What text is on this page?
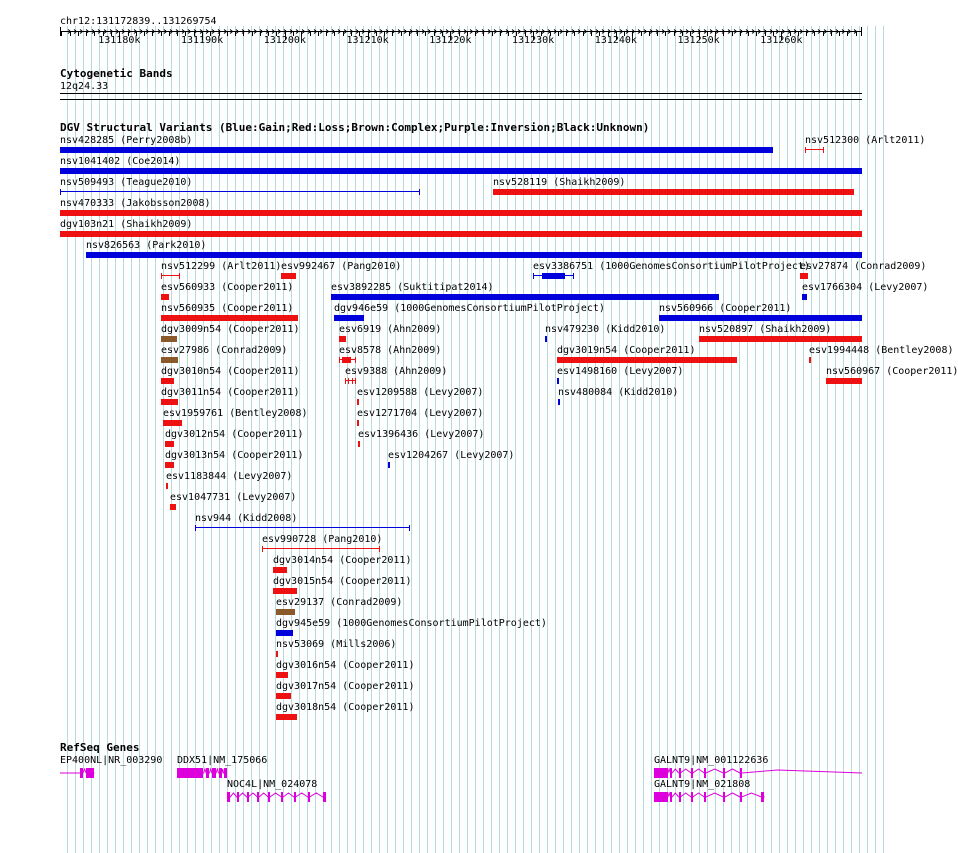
chr12:131172839..131269754
131180k	131190k	131200k	131210k	131220k	131230k	131240k	131250k	131260k
Cytogenetic Bands
12q24.33
DGV Structural Variants (Blue:Gain;Red:Loss;Brown:Complex;Purple:Inversion;Black:Unknown)
nsv428285 (Perry2008b)	nsv512300 (Arlt2011)
nsv1041402 (Coe2014)
nsv509493 (Teague2010)	nsv528119 (Shaikh2009)
nsv470333 (Jakobsson2008)
dgv103n21 (Shaikh2009)
nsv826563 (Park2010)
nsv512299 (Arlt2011) esv992467 (Pang2010)	esv3386751 (1000GenomesConsortiumPilotProject)
esv27874 (Conrad2009)
esv560933 (Cooper2011)	esv3892285 (Suktitipat2014)	esv1766304 (Levy2007)
nsv560935 (Cooper2011)	dgv946e59 (1000GenomesConsortiumPilotProject)	nsv560966 (Cooper2011)
dgv3009n54 (Cooper2011)	esv6919 (Ahn2009)	nsv479230 (Kidd2010)	nsv520897 (Shaikh2009)
esv27986 (Conrad2009)	esv8578 (Ahn2009)	dgv3019n54 (Cooper2011)	esv1994448 (Bentley2008)
dgv3010n54 (Cooper2011)	esv9388 (Ahn2009)	esv1498160 (Levy2007)	nsv560967 (Cooper2011)
dgv3011n54 (Cooper2011)	esv1209588 (Levy2007)	nsv480084 (Kidd2010)
esv1959761 (Bentley2008)	esv1271704 (Levy2007)
dgv3012n54 (Cooper2011)	esv1396436 (Levy2007)
dgv3013n54 (Cooper2011)	esv1204267 (Levy2007)
esv1183844 (Levy2007)
esv1047731 (Levy2007)
nsv944 (Kidd2008)
esv990728 (Pang2010)
dgv3014n54 (Cooper2011)
dgv3015n54 (Cooper2011)
esv29137 (Conrad2009)
dgv945e59 (1000GenomesConsortiumPilotProject)
nsv53069 (Mills2006)
dgv3016n54 (Cooper2011)
dgv3017n54 (Cooper2011)
dgv3018n54 (Cooper2011)
RefSeq Genes
EP400NL|NR_003290 DDX51|NM_175066	GALNT9|NM_001122636
NOC4L|NM_024078	GALNT9|NM_021808
